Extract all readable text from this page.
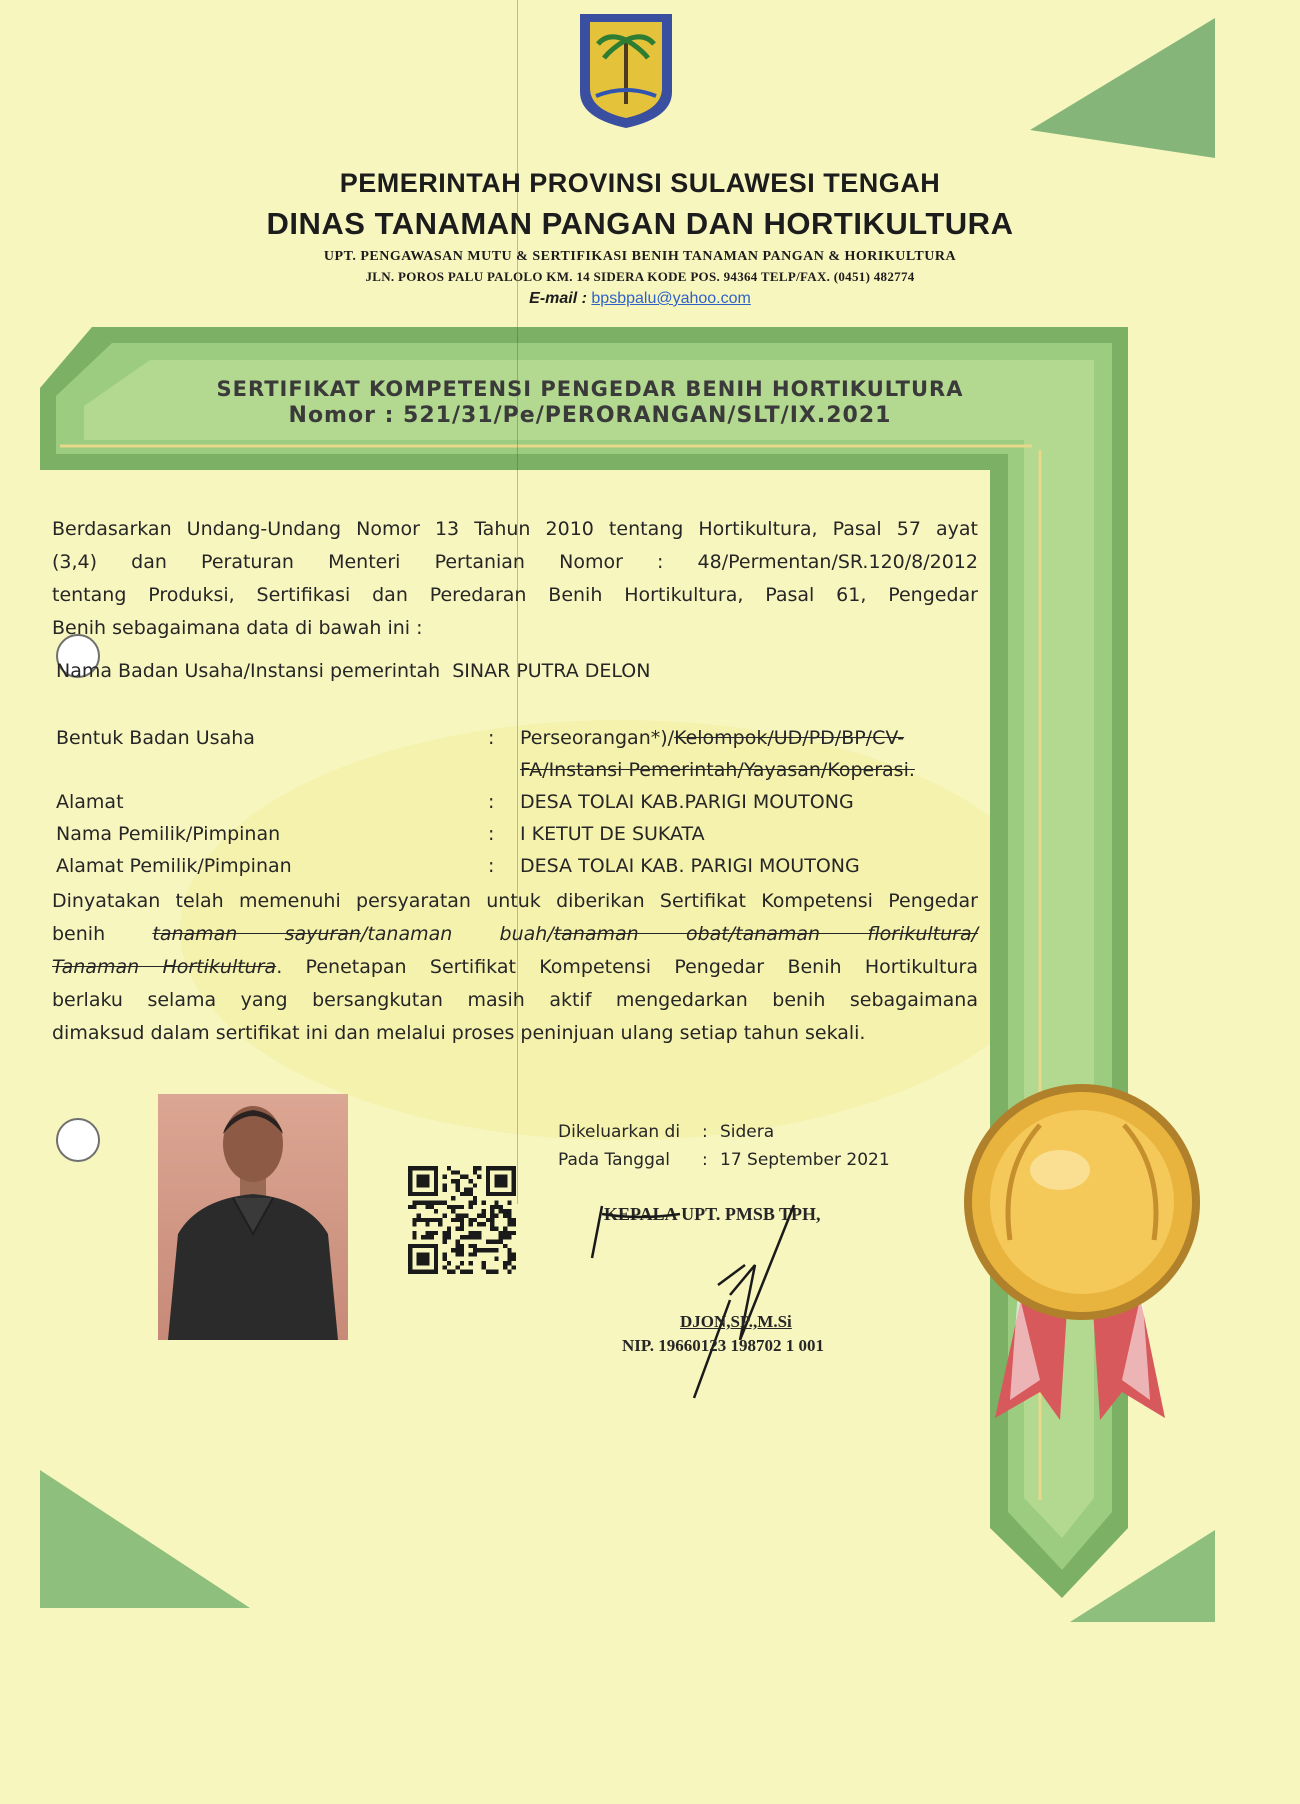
PEMERINTAH PROVINSI SULAWESI TENGAH
DINAS TANAMAN PANGAN DAN HORTIKULTURA
UPT. PENGAWASAN MUTU & SERTIFIKASI BENIH TANAMAN PANGAN & HORIKULTURA
JLN. POROS PALU PALOLO KM. 14 SIDERA KODE POS. 94364 TELP/FAX. (0451) 482774
E-mail : bpsbpalu@yahoo.com
SERTIFIKAT KOMPETENSI PENGEDAR BENIH HORTIKULTURA
Nomor : 521/31/Pe/PERORANGAN/SLT/IX.2021
Berdasarkan Undang-Undang Nomor 13 Tahun 2010 tentang Hortikultura, Pasal 57 ayat
(3,4) dan Peraturan Menteri Pertanian Nomor : 48/Permentan/SR.120/8/2012
tentang Produksi, Sertifikasi dan Peredaran Benih Hortikultura, Pasal 61, Pengedar
Benih sebagaimana data di bawah ini :
Nama Badan Usaha/Instansi pemerintah SINAR PUTRA DELON
Bentuk Badan Usaha	: Perseorangan*)/Kelompok/UD/PD/BP/CV-
FA/Instansi Pemerintah/Yayasan/Koperasi.
Alamat	: DESA TOLAI KAB.PARIGI MOUTONG
Nama Pemilik/Pimpinan	: I KETUT DE SUKATA
Alamat Pemilik/Pimpinan	: DESA TOLAI KAB. PARIGI MOUTONG
Dinyatakan telah memenuhi persyaratan untuk diberikan Sertifikat Kompetensi Pengedar
benih tanaman sayuran/tanaman buah/tanaman obat/tanaman florikultura/
Tanaman Hortikultura. Penetapan Sertifikat Kompetensi Pengedar Benih Hortikultura
berlaku selama yang bersangkutan masih aktif mengedarkan benih sebagaimana
dimaksud dalam sertifikat ini dan melalui proses peninjuan ulang setiap tahun sekali.
Dikeluarkan di : Sidera
Pada Tanggal : 17 September 2021
KEPALA UPT. PMSB TPH,
DJON,SP.,M.Si
NIP. 19660123 198702 1 001
